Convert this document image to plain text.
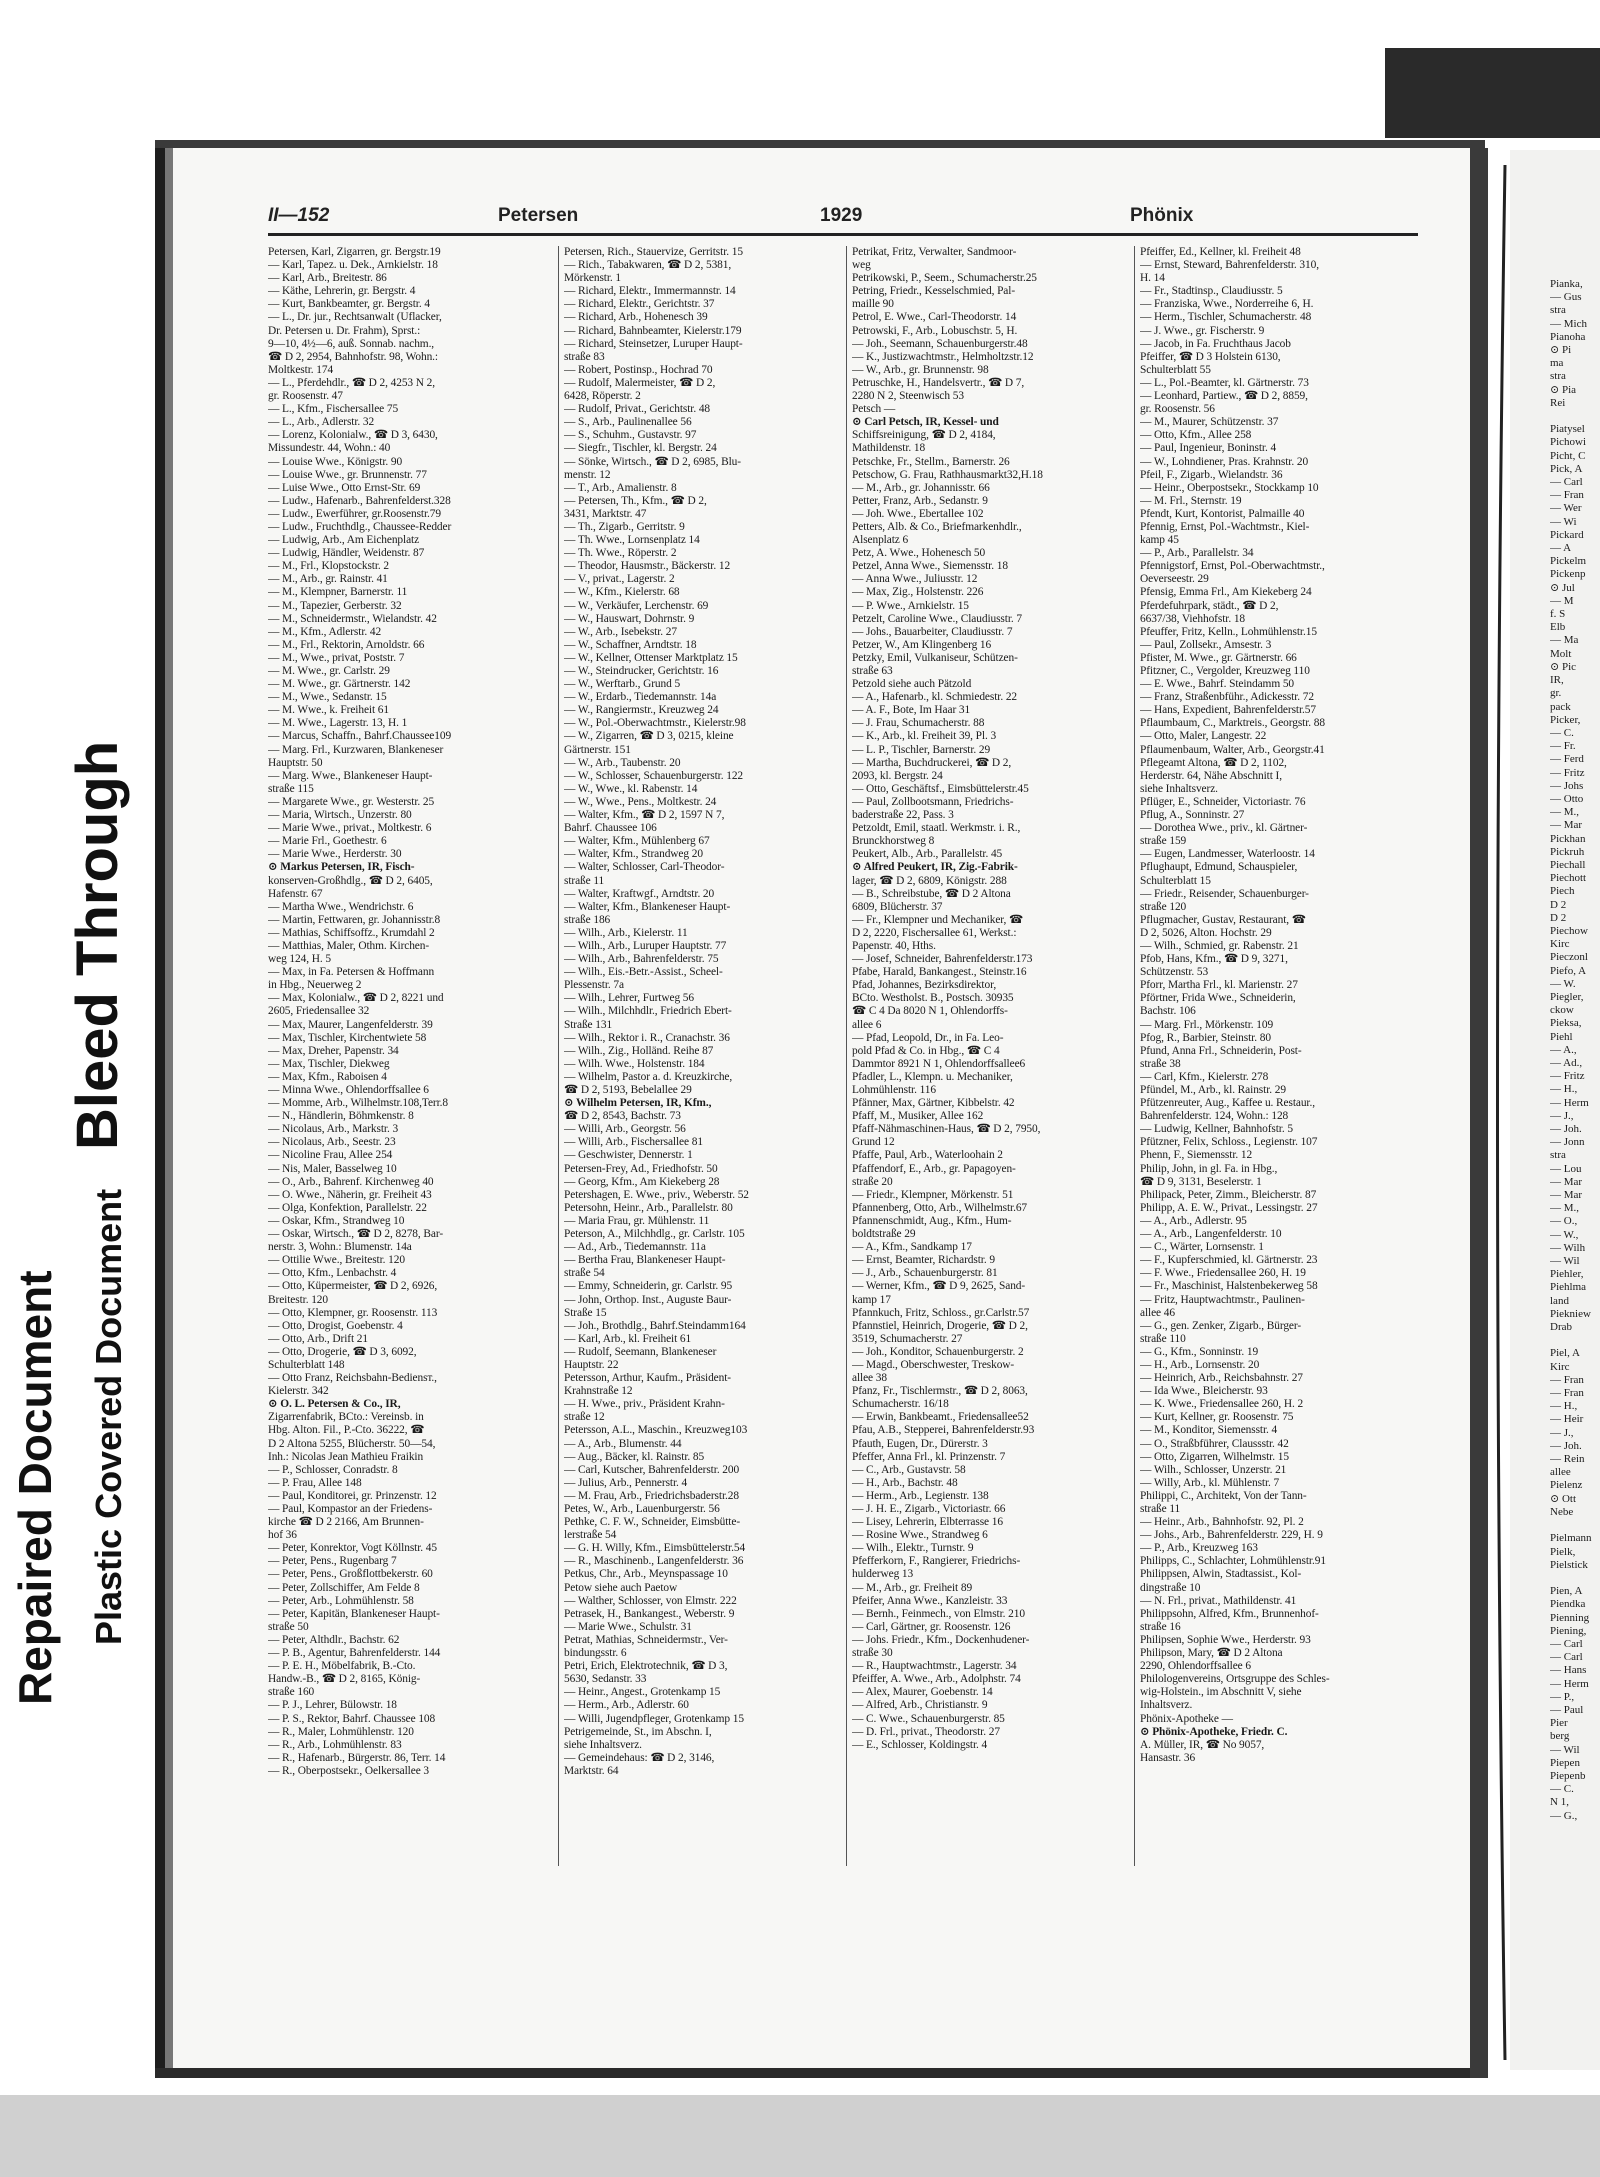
Repaired Document Plastic Covered Document
Bleed Through
II—152	Petersen	1929	Phönix
Petersen, Karl, Zigarren, gr. Bergstr.19
— Karl, Tapez. u. Dek., Arnkielstr. 18
— Karl, Arb., Breitestr. 86
— Käthe, Lehrerin, gr. Bergstr. 4
— Kurt, Bankbeamter, gr. Bergstr. 4
— L., Dr. jur., Rechtsanwalt (Uflacker,
Dr. Petersen u. Dr. Frahm), Sprst.:
9—10, 4½—6, auß. Sonnab. nachm.,
☎ D 2, 2954, Bahnhofstr. 98, Wohn.:
Moltkestr. 174
— L., Pferdehdlr., ☎ D 2, 4253 N 2,
gr. Roosenstr. 47
— L., Kfm., Fischersallee 75
— L., Arb., Adlerstr. 32
— Lorenz, Kolonialw., ☎ D 3, 6430,
Missundestr. 44, Wohn.: 40
— Louise Wwe., Königstr. 90
— Louise Wwe., gr. Brunnenstr. 77
— Luise Wwe., Otto Ernst-Str. 69
— Ludw., Hafenarb., Bahrenfelderst.328
— Ludw., Ewerführer, gr.Roosenstr.79
— Ludw., Fruchthdlg., Chaussee-Redder
— Ludwig, Arb., Am Eichenplatz
— Ludwig, Händler, Weidenstr. 87
— M., Frl., Klopstockstr. 2
— M., Arb., gr. Rainstr. 41
— M., Klempner, Barnerstr. 11
— M., Tapezier, Gerberstr. 32
— M., Schneidermstr., Wielandstr. 42
— M., Kfm., Adlerstr. 42
— M., Frl., Rektorin, Arnoldstr. 66
— M., Wwe., privat, Poststr. 7
— M. Wwe., gr. Carlstr. 29
— M. Wwe., gr. Gärtnerstr. 142
— M., Wwe., Sedanstr. 15
— M. Wwe., k. Freiheit 61
— M. Wwe., Lagerstr. 13, H. 1
— Marcus, Schaffn., Bahrf.Chaussee109
— Marg. Frl., Kurzwaren, Blankeneser
Hauptstr. 50
— Marg. Wwe., Blankeneser Haupt-
straße 115
— Margarete Wwe., gr. Westerstr. 25
— Maria, Wirtsch., Unzerstr. 80
— Marie Wwe., privat., Moltkestr. 6
— Marie Frl., Goethestr. 6
— Marie Wwe., Herderstr. 30
⊙ Markus Petersen, IR, Fisch-
konserven-Großhdlg., ☎ D 2, 6405,
Hafenstr. 67
— Martha Wwe., Wendrichstr. 6
— Martin, Fettwaren, gr. Johannisstr.8
— Mathias, Schiffsoffz., Krumdahl 2
— Matthias, Maler, Othm. Kirchen-
weg 124, H. 5
— Max, in Fa. Petersen & Hoffmann
in Hbg., Neuerweg 2
— Max, Kolonialw., ☎ D 2, 8221 und
2605, Friedensallee 32
— Max, Maurer, Langenfelderstr. 39
— Max, Tischler, Kirchentwiete 58
— Max, Dreher, Papenstr. 34
— Max, Tischler, Diekweg
— Max, Kfm., Raboisen 4
— Minna Wwe., Ohlendorffsallee 6
— Momme, Arb., Wilhelmstr.108,Terr.8
— N., Händlerin, Böhmkenstr. 8
— Nicolaus, Arb., Markstr. 3
— Nicolaus, Arb., Seestr. 23
— Nicoline Frau, Allee 254
— Nis, Maler, Basselweg 10
— O., Arb., Bahrenf. Kirchenweg 40
— O. Wwe., Näherin, gr. Freiheit 43
— Olga, Konfektion, Parallelstr. 22
— Oskar, Kfm., Strandweg 10
— Oskar, Wirtsch., ☎ D 2, 8278, Bar-
nerstr. 3, Wohn.: Blumenstr. 14a
— Ottilie Wwe., Breitestr. 120
— Otto, Kfm., Lenbachstr. 4
— Otto, Küpermeister, ☎ D 2, 6926,
Breitestr. 120
— Otto, Klempner, gr. Roosenstr. 113
— Otto, Drogist, Goebenstr. 4
— Otto, Arb., Drift 21
— Otto, Drogerie, ☎ D 3, 6092,
Schulterblatt 148
— Otto Franz, Reichsbahn-Bediensт.,
Kielerstr. 342
⊙ O. L. Petersen & Co., IR,
Zigarrenfabrik, BCto.: Vereinsb. in
Hbg. Alton. Fil., P.-Cto. 36222, ☎
D 2 Altona 5255, Blücherstr. 50—54,
Inh.: Nicolas Jean Mathieu Fraikin
— P., Schlosser, Conradstr. 8
— P. Frau, Allee 148
— Paul, Konditorei, gr. Prinzenstr. 12
— Paul, Kompastor an der Friedens-
kirche ☎ D 2 2166, Am Brunnen-
hof 36
— Peter, Konrektor, Vogt Köllnstr. 45
— Peter, Pens., Rugenbarg 7
— Peter, Pens., Großflottbekerstr. 60
— Peter, Zollschiffer, Am Felde 8
— Peter, Arb., Lohmühlenstr. 58
— Peter, Kapitän, Blankeneser Haupt-
straße 50
— Peter, Althdlr., Bachstr. 62
— P. B., Agentur, Bahrenfelderstr. 144
— P. E. H., Möbelfabrik, B.-Cto.
Handw.-B., ☎ D 2, 8165, König-
straße 160
— P. J., Lehrer, Bülowstr. 18
— P. S., Rektor, Bahrf. Chaussee 108
— R., Maler, Lohmühlenstr. 120
— R., Arb., Lohmühlenstr. 83
— R., Hafenarb., Bürgerstr. 86, Terr. 14
— R., Oberpostsekr., Oelkersallee 3
Petersen, Rich., Stauervize, Gerritstr. 15
— Rich., Tabakwaren, ☎ D 2, 5381,
Mörkenstr. 1
— Richard, Elektr., Immermannstr. 14
— Richard, Elektr., Gerichtstr. 37
— Richard, Arb., Hohenesch 39
— Richard, Bahnbeamter, Kielerstr.179
— Richard, Steinsetzer, Luruper Haupt-
straße 83
— Robert, Postinsp., Hochrad 70
— Rudolf, Malermeister, ☎ D 2,
6428, Röperstr. 2
— Rudolf, Privat., Gerichtstr. 48
— S., Arb., Paulinenallee 56
— S., Schuhm., Gustavstr. 97
— Siegfr., Tischler, kl. Bergstr. 24
— Sönke, Wirtsch., ☎ D 2, 6985, Blu-
menstr. 12
— T., Arb., Amalienstr. 8
— Petersen, Th., Kfm., ☎ D 2,
3431, Marktstr. 47
— Th., Zigarb., Gerritstr. 9
— Th. Wwe., Lornsenplatz 14
— Th. Wwe., Röperstr. 2
— Theodor, Hausmstr., Bäckerstr. 12
— V., privat., Lagerstr. 2
— W., Kfm., Kielerstr. 68
— W., Verkäufer, Lerchenstr. 69
— W., Hauswart, Dohrnstr. 9
— W., Arb., Isebekstr. 27
— W., Schaffner, Arndtstr. 18
— W., Kellner, Ottenser Marktplatz 15
— W., Steindrucker, Gerichtstr. 16
— W., Werftarb., Grund 5
— W., Erdarb., Tiedemannstr. 14a
— W., Rangiermstr., Kreuzweg 24
— W., Pol.-Oberwachtmstr., Kielerstr.98
— W., Zigarren, ☎ D 3, 0215, kleine
Gärtnerstr. 151
— W., Arb., Taubenstr. 20
— W., Schlosser, Schauenburgerstr. 122
— W., Wwe., kl. Rabenstr. 14
— W., Wwe., Pens., Moltkestr. 24
— Walter, Kfm., ☎ D 2, 1597 N 7,
Bahrf. Chaussee 106
— Walter, Kfm., Mühlenberg 67
— Walter, Kfm., Strandweg 20
— Walter, Schlosser, Carl-Theodor-
straße 11
— Walter, Kraftwgf., Arndtstr. 20
— Walter, Kfm., Blankeneser Haupt-
straße 186
— Wilh., Arb., Kielerstr. 11
— Wilh., Arb., Luruper Hauptstr. 77
— Wilh., Arb., Bahrenfelderstr. 75
— Wilh., Eis.-Betr.-Assist., Scheel-
Plessenstr. 7a
— Wilh., Lehrer, Furtweg 56
— Wilh., Milchhdlr., Friedrich Ebert-
Straße 131
— Wilh., Rektor i. R., Cranachstr. 36
— Wilh., Zig., Holländ. Reihe 87
— Wilh. Wwe., Holstenstr. 184
— Wilhelm, Pastor a. d. Kreuzkirche,
☎ D 2, 5193, Bebelallee 29
⊙ Wilhelm Petersen, IR, Kfm.,
☎ D 2, 8543, Bachstr. 73
— Willi, Arb., Georgstr. 56
— Willi, Arb., Fischersallee 81
— Geschwister, Dennerstr. 1
Petersen-Frey, Ad., Friedhofstr. 50
— Georg, Kfm., Am Kiekeberg 28
Petershagen, E. Wwe., priv., Weberstr. 52
Petersohn, Heinr., Arb., Parallelstr. 80
— Maria Frau, gr. Mühlenstr. 11
Peterson, A., Milchhdlg., gr. Carlstr. 105
— Ad., Arb., Tiedemannstr. 11a
— Bertha Frau, Blankeneser Haupt-
straße 54
— Emmy, Schneiderin, gr. Carlstr. 95
— John, Orthop. Inst., Auguste Baur-
Straße 15
— Joh., Brothdlg., Bahrf.Steindamm164
— Karl, Arb., kl. Freiheit 61
— Rudolf, Seemann, Blankeneser
Hauptstr. 22
Petersson, Arthur, Kaufm., Präsident-
Krahnstraße 12
— H. Wwe., priv., Präsident Krahn-
straße 12
Petersson, A.L., Maschin., Kreuzweg103
— A., Arb., Blumenstr. 44
— Aug., Bäcker, kl. Rainstr. 85
— Carl, Kutscher, Bahrenfelderstr. 200
— Julius, Arb., Pennerstr. 4
— M. Frau, Arb., Friedrichsbaderstr.28
Petes, W., Arb., Lauenburgerstr. 56
Pethke, C. F. W., Schneider, Eimsbütte-
lerstraße 54
— G. H. Willy, Kfm., Eimsbüttelerstr.54
— R., Maschinenb., Langenfelderstr. 36
Petkus, Chr., Arb., Meynspassage 10
Petow siehe auch Paetow
— Walther, Schlosser, von Elmstr. 222
Petrasek, H., Bankangest., Weberstr. 9
— Marie Wwe., Schulstr. 31
Petrat, Mathias, Schneidermstr., Ver-
bindungsstr. 6
Petri, Erich, Elektrotechnik, ☎ D 3,
5630, Sedanstr. 33
— Heinr., Angest., Grotenkamp 15
— Herm., Arb., Adlerstr. 60
— Willi, Jugendpfleger, Grotenkamp 15
Petrigemeinde, St., im Abschn. I,
siehe Inhaltsverz.
— Gemeindehaus: ☎ D 2, 3146,
Marktstr. 64
Petrikat, Fritz, Verwalter, Sandmoor-
weg
Petrikowski, P., Seem., Schumacherstr.25
Petring, Friedr., Kesselschmied, Pal-
maille 90
Petrol, E. Wwe., Carl-Theodorstr. 14
Petrowski, F., Arb., Lobuschstr. 5, H.
— Joh., Seemann, Schauenburgerstr.48
— K., Justizwachtmstr., Helmholtzstr.12
— W., Arb., gr. Brunnenstr. 98
Petruschke, H., Handelsvertr., ☎ D 7,
2280 N 2, Steenwisch 53
Petsch —
⊙ Carl Petsch, IR, Kessel- und
Schiffsreinigung, ☎ D 2, 4184,
Mathildenstr. 18
Petschke, Fr., Stellm., Barnerstr. 26
Petschow, G. Frau, Rathhausmarkt32,H.18
— M., Arb., gr. Johannisstr. 66
Petter, Franz, Arb., Sedanstr. 9
— Joh. Wwe., Ebertallee 102
Petters, Alb. & Co., Briefmarkenhdlr.,
Alsenplatz 6
Petz, A. Wwe., Hohenesch 50
Petzel, Anna Wwe., Siemensstr. 18
— Anna Wwe., Juliusstr. 12
— Max, Zig., Holstenstr. 226
— P. Wwe., Arnkielstr. 15
Petzelt, Caroline Wwe., Claudiusstr. 7
— Johs., Bauarbeiter, Claudiusstr. 7
Petzer, W., Am Klingenberg 16
Petzky, Emil, Vulkaniseur, Schützen-
straße 63
Petzold siehe auch Pätzold
— A., Hafenarb., kl. Schmiedestr. 22
— A. F., Bote, Im Haar 31
— J. Frau, Schumacherstr. 88
— K., Arb., kl. Freiheit 39, Pl. 3
— L. P., Tischler, Barnerstr. 29
— Martha, Buchdruckerei, ☎ D 2,
2093, kl. Bergstr. 24
— Otto, Geschäftsf., Eimsbüttelerstr.45
— Paul, Zollbootsmann, Friedrichs-
baderstraße 22, Pass. 3
Petzoldt, Emil, staatl. Werkmstr. i. R.,
Brunckhorstweg 8
Peukert, Alb., Arb., Parallelstr. 45
⊙ Alfred Peukert, IR, Zig.-Fabrik-
lager, ☎ D 2, 6809, Königstr. 288
— B., Schreibstube, ☎ D 2 Altona
6809, Blücherstr. 37
— Fr., Klempner und Mechaniker, ☎
D 2, 2220, Fischersallee 61, Werkst.:
Papenstr. 40, Hths.
— Josef, Schneider, Bahrenfelderstr.173
Pfabe, Harald, Bankangest., Steinstr.16
Pfad, Johannes, Bezirksdirektor,
BCto. Westholst. B., Postsch. 30935
☎ C 4 Da 8020 N 1, Ohlendorffs-
allee 6
— Pfad, Leopold, Dr., in Fa. Leo-
pold Pfad & Co. in Hbg., ☎ C 4
Dammtor 8921 N 1, Ohlendorffsallee6
Pfadler, L., Klempn. u. Mechaniker,
Lohmühlenstr. 116
Pfänner, Max, Gärtner, Kibbelstr. 42
Pfaff, M., Musiker, Allee 162
Pfaff-Nähmaschinen-Haus, ☎ D 2, 7950,
Grund 12
Pfaffe, Paul, Arb., Waterloohain 2
Pfaffendorf, E., Arb., gr. Papagoyen-
straße 20
— Friedr., Klempner, Mörkenstr. 51
Pfannenberg, Otto, Arb., Wilhelmstr.67
Pfannenschmidt, Aug., Kfm., Hum-
boldtstraße 29
— A., Kfm., Sandkamp 17
— Ernst, Beamter, Richardstr. 9
— J., Arb., Schauenburgerstr. 81
— Werner, Kfm., ☎ D 9, 2625, Sand-
kamp 17
Pfannkuch, Fritz, Schloss., gr.Carlstr.57
Pfannstiel, Heinrich, Drogerie, ☎ D 2,
3519, Schumacherstr. 27
— Joh., Konditor, Schauenburgerstr. 2
— Magd., Oberschwester, Treskow-
allee 38
Pfanz, Fr., Tischlermstr., ☎ D 2, 8063,
Schumacherstr. 16/18
— Erwin, Bankbeamt., Friedensallee52
Pfau, A.B., Stepperei, Bahrenfelderstr.93
Pfauth, Eugen, Dr., Dürerstr. 3
Pfeffer, Anna Frl., kl. Prinzenstr. 7
— C., Arb., Gustavstr. 58
— H., Arb., Bachstr. 48
— Herm., Arb., Legienstr. 138
— J. H. E., Zigarb., Victoriastr. 66
— Lisey, Lehrerin, Elbterrasse 16
— Rosine Wwe., Strandweg 6
— Wilh., Elektr., Turnstr. 9
Pfefferkorn, F., Rangierer, Friedrichs-
hulderweg 13
— M., Arb., gr. Freiheit 89
Pfeifer, Anna Wwe., Kanzleistr. 33
— Bernh., Feinmech., von Elmstr. 210
— Carl, Gärtner, gr. Roosenstr. 126
— Johs. Friedr., Kfm., Dockenhudener-
straße 30
— R., Hauptwachtmstr., Lagerstr. 34
Pfeiffer, A. Wwe., Arb., Adolphstr. 74
— Alex, Maurer, Goebenstr. 14
— Alfred, Arb., Christianstr. 9
— C. Wwe., Schauenburgerstr. 85
— D. Frl., privat., Theodorstr. 27
— E., Schlosser, Koldingstr. 4
Pfeiffer, Ed., Kellner, kl. Freiheit 48
— Ernst, Steward, Bahrenfelderstr. 310,
H. 14
— Fr., Stadtinsp., Claudiusstr. 5
— Franziska, Wwe., Norderreihe 6, H.
— Herm., Tischler, Schumacherstr. 48
— J. Wwe., gr. Fischerstr. 9
— Jacob, in Fa. Fruchthaus Jacob
Pfeiffer, ☎ D 3 Holstein 6130,
Schulterblatt 55
— L., Pol.-Beamter, kl. Gärtnerstr. 73
— Leonhard, Partiew., ☎ D 2, 8859,
gr. Roosenstr. 56
— M., Maurer, Schützenstr. 37
— Otto, Kfm., Allee 258
— Paul, Ingenieur, Boninstr. 4
— W., Lohndiener, Pras. Krahnstr. 20
Pfeil, F., Zigarb., Wielandstr. 36
— Heinr., Oberpostsekr., Stockkamp 10
— M. Frl., Sternstr. 19
Pfendt, Kurt, Kontorist, Palmaille 40
Pfennig, Ernst, Pol.-Wachtmstr., Kiel-
kamp 45
— P., Arb., Parallelstr. 34
Pfennigstorf, Ernst, Pol.-Oberwachtmstr.,
Oeverseestr. 29
Pfensig, Emma Frl., Am Kiekeberg 24
Pferdefuhrpark, städt., ☎ D 2,
6637/38, Viehhofstr. 18
Pfeuffer, Fritz, Kelln., Lohmühlenstr.15
— Paul, Zollsekr., Amsestr. 3
Pfister, M. Wwe., gr. Gärtnerstr. 66
Pfitzner, C., Vergolder, Kreuzweg 110
— E. Wwe., Bahrf. Steindamm 50
— Franz, Straßenbführ., Adickesstr. 72
— Hans, Expedient, Bahrenfelderstr.57
Pflaumbaum, C., Marktreis., Georgstr. 88
— Otto, Maler, Langestr. 22
Pflaumenbaum, Walter, Arb., Georgstr.41
Pflegeamt Altona, ☎ D 2, 1102,
Herderstr. 64, Nähe Abschnitt I,
siehe Inhaltsverz.
Pflüger, E., Schneider, Victoriastr. 76
Pflug, A., Sonninstr. 27
— Dorothea Wwe., priv., kl. Gärtner-
straße 159
— Eugen, Landmesser, Waterloostr. 14
Pflughaupt, Edmund, Schauspieler,
Schulterblatt 15
— Friedr., Reisender, Schauenburger-
straße 120
Pflugmacher, Gustav, Restaurant, ☎
D 2, 5026, Alton. Hochstr. 29
— Wilh., Schmied, gr. Rabenstr. 21
Pfob, Hans, Kfm., ☎ D 9, 3271,
Schützenstr. 53
Pforr, Martha Frl., kl. Marienstr. 27
Pförtner, Frida Wwe., Schneiderin,
Bachstr. 106
— Marg. Frl., Mörkenstr. 109
Pfog, R., Barbier, Steinstr. 80
Pfund, Anna Frl., Schneiderin, Post-
straße 38
— Carl, Kfm., Kielerstr. 278
Pfündel, M., Arb., kl. Rainstr. 29
Pfützenreuter, Aug., Kaffee u. Restaur.,
Bahrenfelderstr. 124, Wohn.: 128
— Ludwig, Kellner, Bahnhofstr. 5
Pfützner, Felix, Schloss., Legienstr. 107
Phenn, F., Siemensstr. 12
Philip, John, in gl. Fa. in Hbg.,
☎ D 9, 3131, Beselerstr. 1
Philipack, Peter, Zimm., Bleicherstr. 87
Philipp, A. E. W., Privat., Lessingstr. 27
— A., Arb., Adlerstr. 95
— A., Arb., Langenfelderstr. 10
— C., Wärter, Lornsenstr. 1
— F., Kupferschmied, kl. Gärtnerstr. 23
— F. Wwe., Friedensallee 260, H. 19
— Fr., Maschinist, Halstenbekerweg 58
— Fritz, Hauptwachtmstr., Paulinen-
allee 46
— G., gen. Zenker, Zigarb., Bürger-
straße 110
— G., Kfm., Sonninstr. 19
— H., Arb., Lornsenstr. 20
— Heinrich, Arb., Reichsbahnstr. 27
— Ida Wwe., Bleicherstr. 93
— K. Wwe., Friedensallee 260, H. 2
— Kurt, Kellner, gr. Roosenstr. 75
— M., Konditor, Siemensstr. 4
— O., Straßbführer, Claussstr. 42
— Otto, Zigarren, Wilhelmstr. 15
— Wilh., Schlosser, Unzerstr. 21
— Willy, Arb., kl. Mühlenstr. 7
Philippi, C., Architekt, Von der Tann-
straße 11
— Heinr., Arb., Bahnhofstr. 92, Pl. 2
— Johs., Arb., Bahrenfelderstr. 229, H. 9
— P., Arb., Kreuzweg 163
Philipps, C., Schlachter, Lohmühlenstr.91
Philippsen, Alwin, Stadtassist., Kol-
dingstraße 10
— N. Frl., privat., Mathildenstr. 41
Philippsohn, Alfred, Kfm., Brunnenhof-
straße 16
Philipsen, Sophie Wwe., Herderstr. 93
Philipson, Mary, ☎ D 2 Altona
2290, Ohlendorffsallee 6
Philologenvereins, Ortsgruppe des Schles-
wig-Holstein., im Abschnitt V, siehe
Inhaltsverz.
Phönix-Apotheke —
⊙ Phönix-Apotheke, Friedr. C.
A. Müller, IR, ☎ No 9057,
Hansastr. 36
Pianka,
— Gus
stra
— Mich
Pianoha
⊙ Pi
ma
stra
⊙ Pia
Rei

Piatysel
Pichowi
Picht, C
Pick, A
— Carl
— Fran
— Wer
— Wi
Pickard
— A
Pickelm
Pickenp
⊙ Jul
— M
f. S
Elb
— Ma
Molt
⊙ Pic
IR,
gr.
pack
Picker,
— C.
— Fr.
— Ferd
— Fritz
— Johs
— Otto
— M.,
— Mar
Pickhan
Pickruh
Piechall
Piechott
Piech
D 2
D 2
Piechow
Kirc
Pieczonl
Piefo, A
— W.
Piegler,
ckow
Pieksa,
Piehl
— A.,
— Ad.,
— Fritz
— H.,
— Herm
— J.,
— Joh.
— Jonn
stra
— Lou
— Mar
— Mar
— M.,
— O.,
— W.,
— Wilh
— Wil
Piehler,
Piehlma
land
Piekniew
Drab

Piel, A
Kirc
— Fran
— Fran
— H.,
— Heir
— J.,
— Joh.
— Rein
allee
Pielenz
⊙ Ott
Nebe

Pielmann
Pielk,
Pielstick

Pien, A
Piendka
Pienning
Piening,
— Carl
— Carl
— Hans
— Herm
— P.,
— Paul
Pier
berg
— Wil
Piepen
Piepenb
— C.
N 1,
— G.,
